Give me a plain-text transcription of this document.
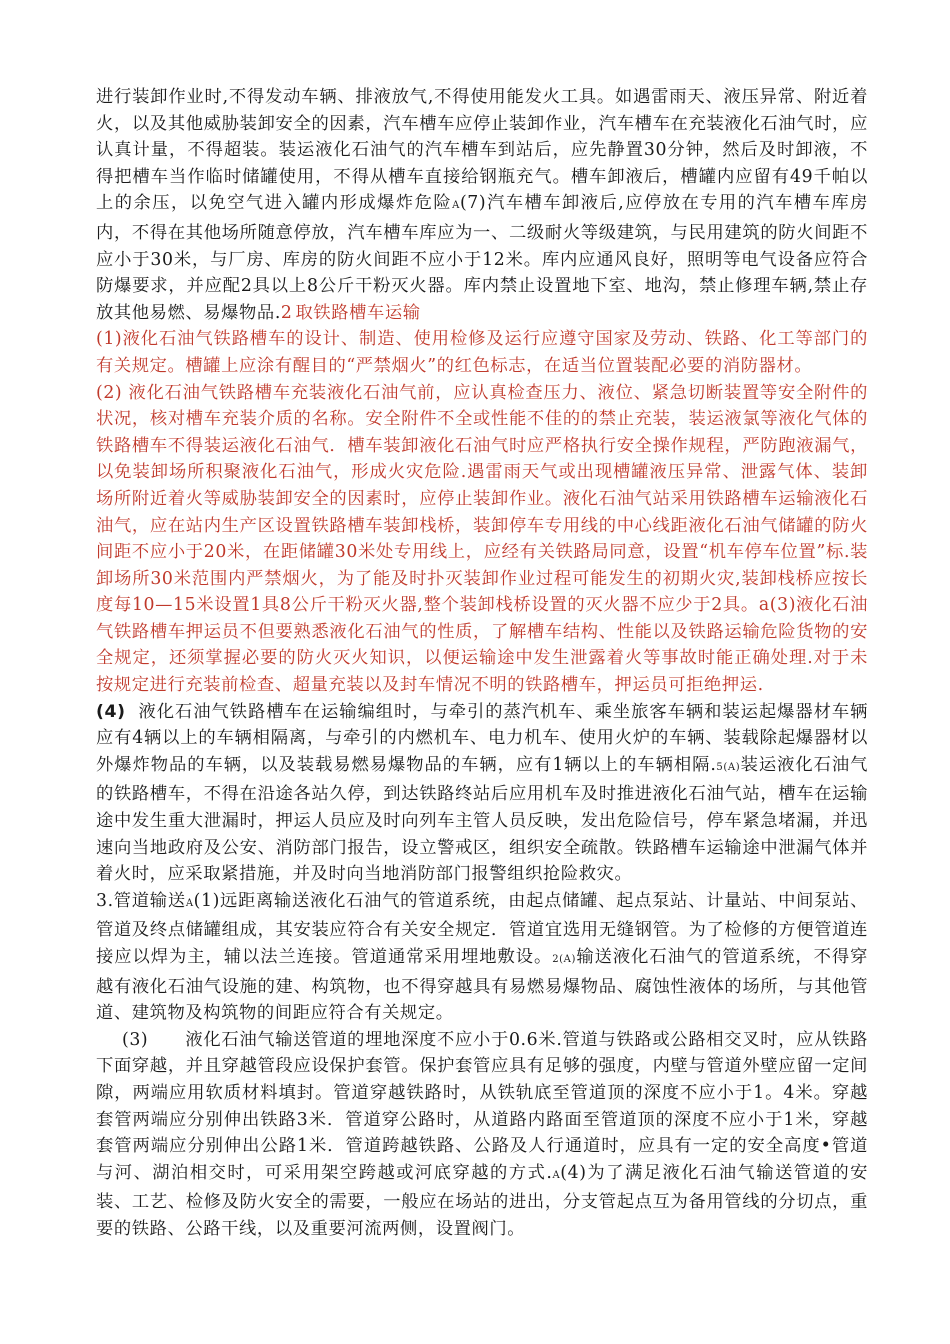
进行装卸作业时,不得发动车辆、排液放气,不得使用能发火工具。如遇雷雨天、液压异常、附近着火，以及其他威胁装卸安全的因素，汽车槽车应停止装卸作业，汽车槽车在充装液化石油气时，应认真计量，不得超装。装运液化石油气的汽车槽车到站后，应先静置30分钟，然后及时卸液，不得把槽车当作临时储罐使用，不得从槽车直接给钢瓶充气。槽车卸液后，槽罐内应留有49千帕以上的余压，以免空气进入罐内形成爆炸危险A(7)汽车槽车卸液后,应停放在专用的汽车槽车库房内，不得在其他场所随意停放，汽车槽车库应为一、二级耐火等级建筑，与民用建筑的防火间距不应小于30米，与厂房、库房的防火间距不应小于12米。库内应通风良好，照明等电气设备应符合防爆要求，并应配2具以上8公斤干粉灭火器。库内禁止设置地下室、地沟，禁止修理车辆,禁止存放其他易燃、易爆物品.2 取铁路槽车运输

(1)液化石油气铁路槽车的设计、制造、使用检修及运行应遵守国家及劳动、铁路、化工等部门的有关规定。槽罐上应涂有醒目的“严禁烟火”的红色标志，在适当位置装配必要的消防器材。

(2) 液化石油气铁路槽车充装液化石油气前，应认真检查压力、液位、紧急切断装置等安全附件的状况，核对槽车充装介质的名称。安全附件不全或性能不佳的的禁止充装，装运液氯等液化气体的铁路槽车不得装运液化石油气．槽车装卸液化石油气时应严格执行安全操作规程，严防跑液漏气，以免装卸场所积聚液化石油气，形成火灾危险.遇雷雨天气或出现槽罐液压异常、泄露气体、装卸场所附近着火等威胁装卸安全的因素时，应停止装卸作业。液化石油气站采用铁路槽车运输液化石油气，应在站内生产区设置铁路槽车装卸栈桥，装卸停车专用线的中心线距液化石油气储罐的防火间距不应小于20米，在距储罐30米处专用线上，应经有关铁路局同意，设置“机车停车位置”标.装卸场所30米范围内严禁烟火，为了能及时扑灭装卸作业过程可能发生的初期火灾,装卸栈桥应按长度每10—15米设置1具8公斤干粉灭火器,整个装卸栈桥设置的灭火器不应少于2具。a(3)液化石油气铁路槽车押运员不但要熟悉液化石油气的性质，了解槽车结构、性能以及铁路运输危险货物的安全规定，还须掌握必要的防火灭火知识，以便运输途中发生泄露着火等事故时能正确处理.对于未按规定进行充装前检查、超量充装以及封车情况不明的铁路槽车，押运员可拒绝押运.

(4)  液化石油气铁路槽车在运输编组时，与牵引的蒸汽机车、乘坐旅客车辆和装运起爆器材车辆应有4辆以上的车辆相隔离，与牵引的内燃机车、电力机车、使用火炉的车辆、装载除起爆器材以外爆炸物品的车辆，以及装载易燃易爆物品的车辆，应有1辆以上的车辆相隔.5(A)装运液化石油气的铁路槽车，不得在沿途各站久停，到达铁路终站后应用机车及时推进液化石油气站，槽车在运输途中发生重大泄漏时，押运人员应及时向列车主管人员反映，发出危险信号，停车紧急堵漏，并迅速向当地政府及公安、消防部门报告，设立警戒区，组织安全疏散。铁路槽车运输途中泄漏气体并着火时，应采取紧措施，并及时向当地消防部门报警组织抢险救灾。

3.管道输送A(1)远距离输送液化石油气的管道系统，由起点储罐、起点泵站、计量站、中间泵站、管道及终点储罐组成，其安装应符合有关安全规定．管道宜选用无缝钢管。为了检修的方便管道连接应以焊为主，辅以法兰连接。管道通常采用埋地敷设。2(A)输送液化石油气的管道系统，不得穿越有液化石油气设施的建、构筑物，也不得穿越具有易燃易爆物品、腐蚀性液体的场所，与其他管道、建筑物及构筑物的间距应符合有关规定。

(3)      液化石油气输送管道的埋地深度不应小于0.6米.管道与铁路或公路相交叉时，应从铁路下面穿越，并且穿越管段应设保护套管。保护套管应具有足够的强度，内壁与管道外壁应留一定间隙，两端应用软质材料填封。管道穿越铁路时，从铁轨底至管道顶的深度不应小于1。4米。穿越套管两端应分别伸出铁路3米．管道穿公路时，从道路内路面至管道顶的深度不应小于1米，穿越套管两端应分别伸出公路1米．管道跨越铁路、公路及人行通道时，应具有一定的安全高度•管道与河、湖泊相交时，可采用架空跨越或河底穿越的方式.A(4)为了满足液化石油气输送管道的安装、工艺、检修及防火安全的需要，一般应在场站的进出，分支管起点互为备用管线的分切点，重要的铁路、公路干线，以及重要河流两侧，设置阀门。
